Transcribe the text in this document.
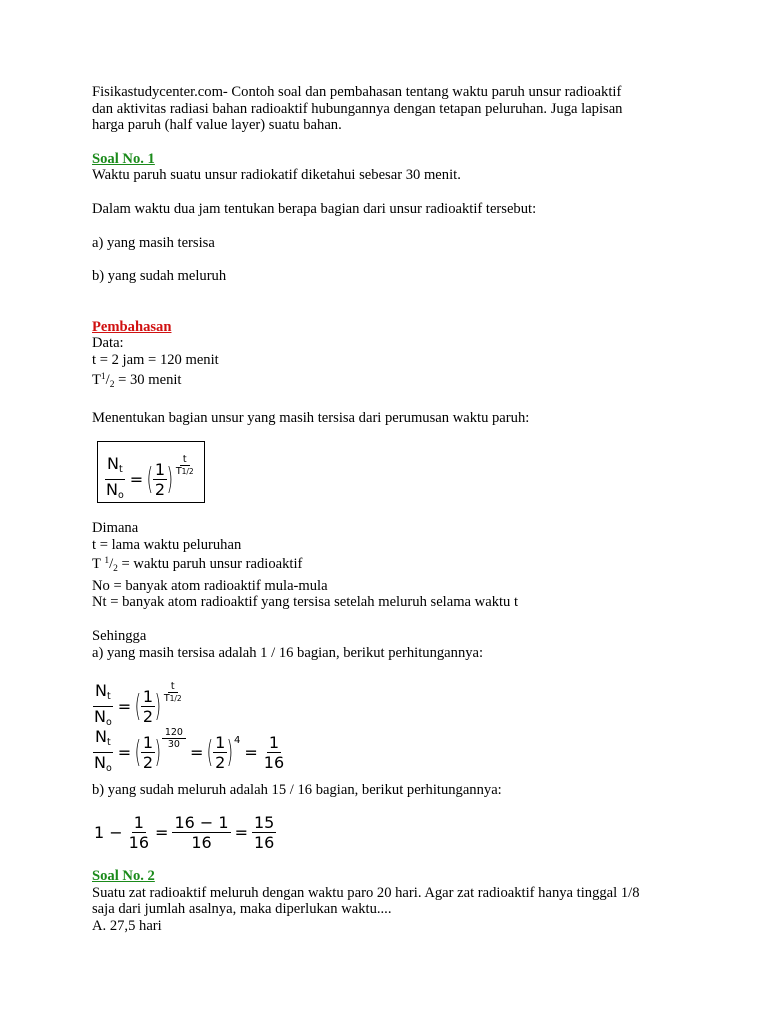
Fisikastudycenter.com- Contoh soal dan pembahasan tentang waktu paruh unsur radioaktif

dan aktivitas radiasi bahan radioaktif hubungannya dengan tetapan peluruhan. Juga lapisan

harga paruh (half value layer) suatu bahan.

Soal No. 1

Waktu paruh suatu unsur radiokatif diketahui sebesar 30 menit.

Dalam waktu dua jam tentukan berapa bagian dari unsur radioaktif tersebut:

a) yang masih tersisa

b) yang sudah meluruh

Pembahasan

Data:

t = 2 jam = 120 menit

$T^1/_2 = 30$ menit

Menentukan bagian unsur yang masih tersisa dari perumusan waktu paruh:

$\frac{N_t}{N_o}$ = ( $\frac{1}{2}$ ) $\frac{t}{T1/2}$

Dimana

t = lama waktu peluruhan

T $^1/_2$ = waktu paruh unsur radioaktif

No = banyak atom radioaktif mula-mula

Nt = banyak atom radioaktif yang tersisa setelah meluruh selama waktu t

Sehingga

a) yang masih tersisa adalah 1 / 16 bagian, berikut perhitungannya:

$\frac{N_t}{N_o}$ = ( $\frac{1}{2}$ ) $\frac{t}{T1/2}$
$\frac{N_t}{N_o}$ = ( $\frac{1}{2}$ ) $\frac{120}{30}$
= ( $\frac{1}{2}$ ) 4
= $\frac{1}{16}$

b) yang sudah meluruh adalah 15 / 16 bagian, berikut perhitungannya:

$1 - \frac{1}{16} = \frac{16 - 1}{16} = \frac{15}{16}$

Soal No. 2

Suatu zat radioaktif meluruh dengan waktu paro 20 hari. Agar zat radioaktif hanya tinggal 1/8

saja dari jumlah asalnya, maka diperlukan waktu....

A. 27,5 hari
